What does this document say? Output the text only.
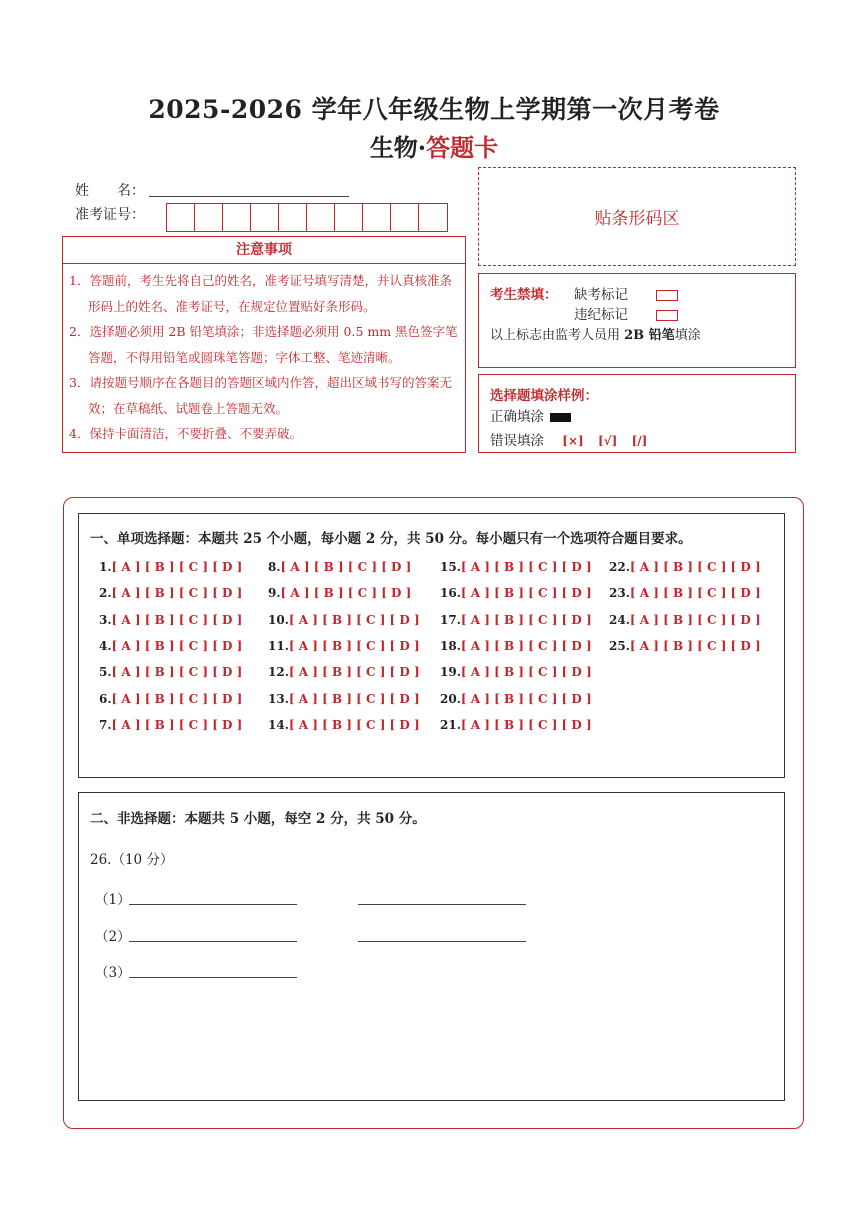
2025-2026 学年八年级生物上学期第一次月考卷
生物·答题卡
姓　　名：
准考证号：	贴条形码区
注意事项
1．答题前，考生先将自己的姓名，准考证号填写清楚，并认真核准条形码上的姓名、准考证号，在规定位置贴好条形码。
2．选择题必须用 2B 铅笔填涂；非选择题必须用 0.5 mm 黑色签字笔答题，不得用铅笔或圆珠笔答题；字体工整、笔迹清晰。
3．请按题号顺序在各题目的答题区域内作答，超出区域书写的答案无效；在草稿纸、试题卷上答题无效。
4．保持卡面清洁，不要折叠、不要弄破。
考生禁填： 缺考标记
违纪标记
以上标志由监考人员用 2B 铅笔填涂
选择题填涂样例：
正确填涂
错误填涂 [×] [√] [/]
一、单项选择题：本题共 25 个小题，每小题 2 分，共 50 分。每小题只有一个选项符合题目要求。
1.[ A ] [ B ] [ C ] [ D ]
2.[ A ] [ B ] [ C ] [ D ]
3.[ A ] [ B ] [ C ] [ D ]
4.[ A ] [ B ] [ C ] [ D ]
5.[ A ] [ B ] [ C ] [ D ]
6.[ A ] [ B ] [ C ] [ D ]
7.[ A ] [ B ] [ C ] [ D ]
8.[ A ] [ B ] [ C ] [ D ]
9.[ A ] [ B ] [ C ] [ D ]
10.[ A ] [ B ] [ C ] [ D ]
11.[ A ] [ B ] [ C ] [ D ]
12.[ A ] [ B ] [ C ] [ D ]
13.[ A ] [ B ] [ C ] [ D ]
14.[ A ] [ B ] [ C ] [ D ]
15.[ A ] [ B ] [ C ] [ D ]
16.[ A ] [ B ] [ C ] [ D ]
17.[ A ] [ B ] [ C ] [ D ]
18.[ A ] [ B ] [ C ] [ D ]
19.[ A ] [ B ] [ C ] [ D ]
20.[ A ] [ B ] [ C ] [ D ]
21.[ A ] [ B ] [ C ] [ D ]
22.[ A ] [ B ] [ C ] [ D ]
23.[ A ] [ B ] [ C ] [ D ]
24.[ A ] [ B ] [ C ] [ D ]
25.[ A ] [ B ] [ C ] [ D ]
二、非选择题：本题共 5 小题，每空 2 分，共 50 分。
26.（10 分）
（1）
（2）
（3）
